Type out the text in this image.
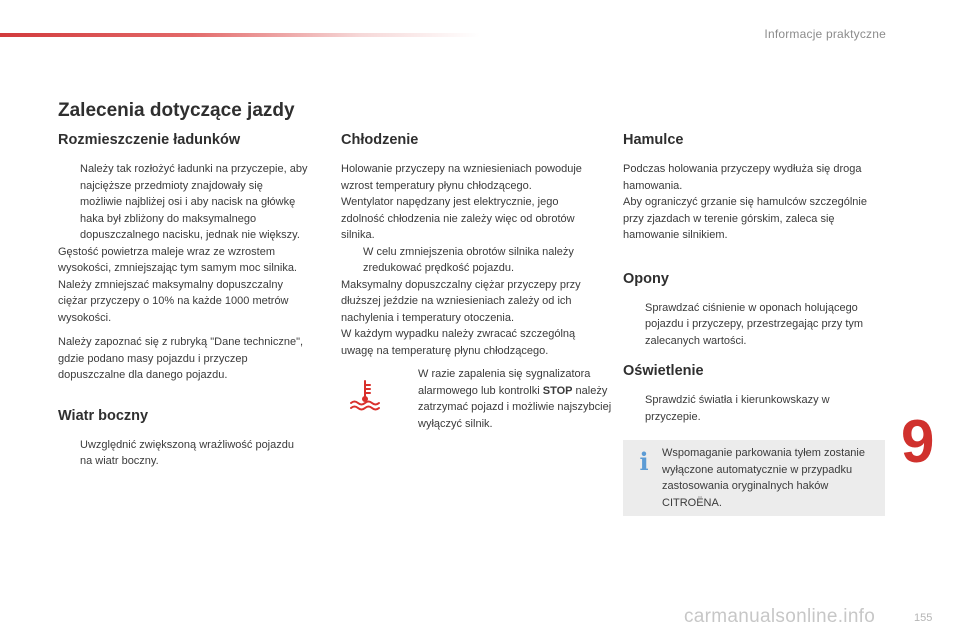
Informacje praktyczne
Zalecenia dotyczące jazdy
Rozmieszczenie ładunków
Należy tak rozłożyć ładunki na przyczepie, aby najcięższe przedmioty znajdowały się możliwie najbliżej osi i aby nacisk na główkę haka był zbliżony do maksymalnego dopuszczalnego nacisku, jednak nie większy.

Gęstość powietrza maleje wraz ze wzrostem wysokości, zmniejszając tym samym moc silnika. Należy zmniejszać maksymalny dopuszczalny ciężar przyczepy o 10% na każde 1000 metrów wysokości.

Należy zapoznać się z rubryką "Dane techniczne", gdzie podano masy pojazdu i przyczep dopuszczalne dla danego pojazdu.

Wiatr boczny
Uwzględnić zwiększoną wrażliwość pojazdu na wiatr boczny.
Chłodzenie

Holowanie przyczepy na wzniesieniach powoduje wzrost temperatury płynu chłodzącego.

Wentylator napędzany jest elektrycznie, jego zdolność chłodzenia nie zależy więc od obrotów silnika.

W celu zmniejszenia obrotów silnika należy zredukować prędkość pojazdu.

Maksymalny dopuszczalny ciężar przyczepy przy dłuższej jeździe na wzniesieniach zależy od ich nachylenia i temperatury otoczenia.

W każdym wypadku należy zwracać szczególną uwagę na temperaturę płynu chłodzącego.

W razie zapalenia się sygnalizatora alarmowego lub kontrolki STOP należy zatrzymać pojazd i możliwie najszybciej wyłączyć silnik.
Hamulce

Podczas holowania przyczepy wydłuża się droga hamowania.

Aby ograniczyć grzanie się hamulców szczególnie przy zjazdach w terenie górskim, zaleca się hamowanie silnikiem.

Opony
Sprawdzać ciśnienie w oponach holującego pojazdu i przyczepy, przestrzegając przy tym zalecanych wartości.
Oświetlenie
Sprawdzić światła i kierunkowskazy w przyczepie.
i	Wspomaganie parkowania tyłem zostanie wyłączone automatycznie w przypadku zastosowania oryginalnych haków CITROËNA.
9
carmanualsonline.info	155
